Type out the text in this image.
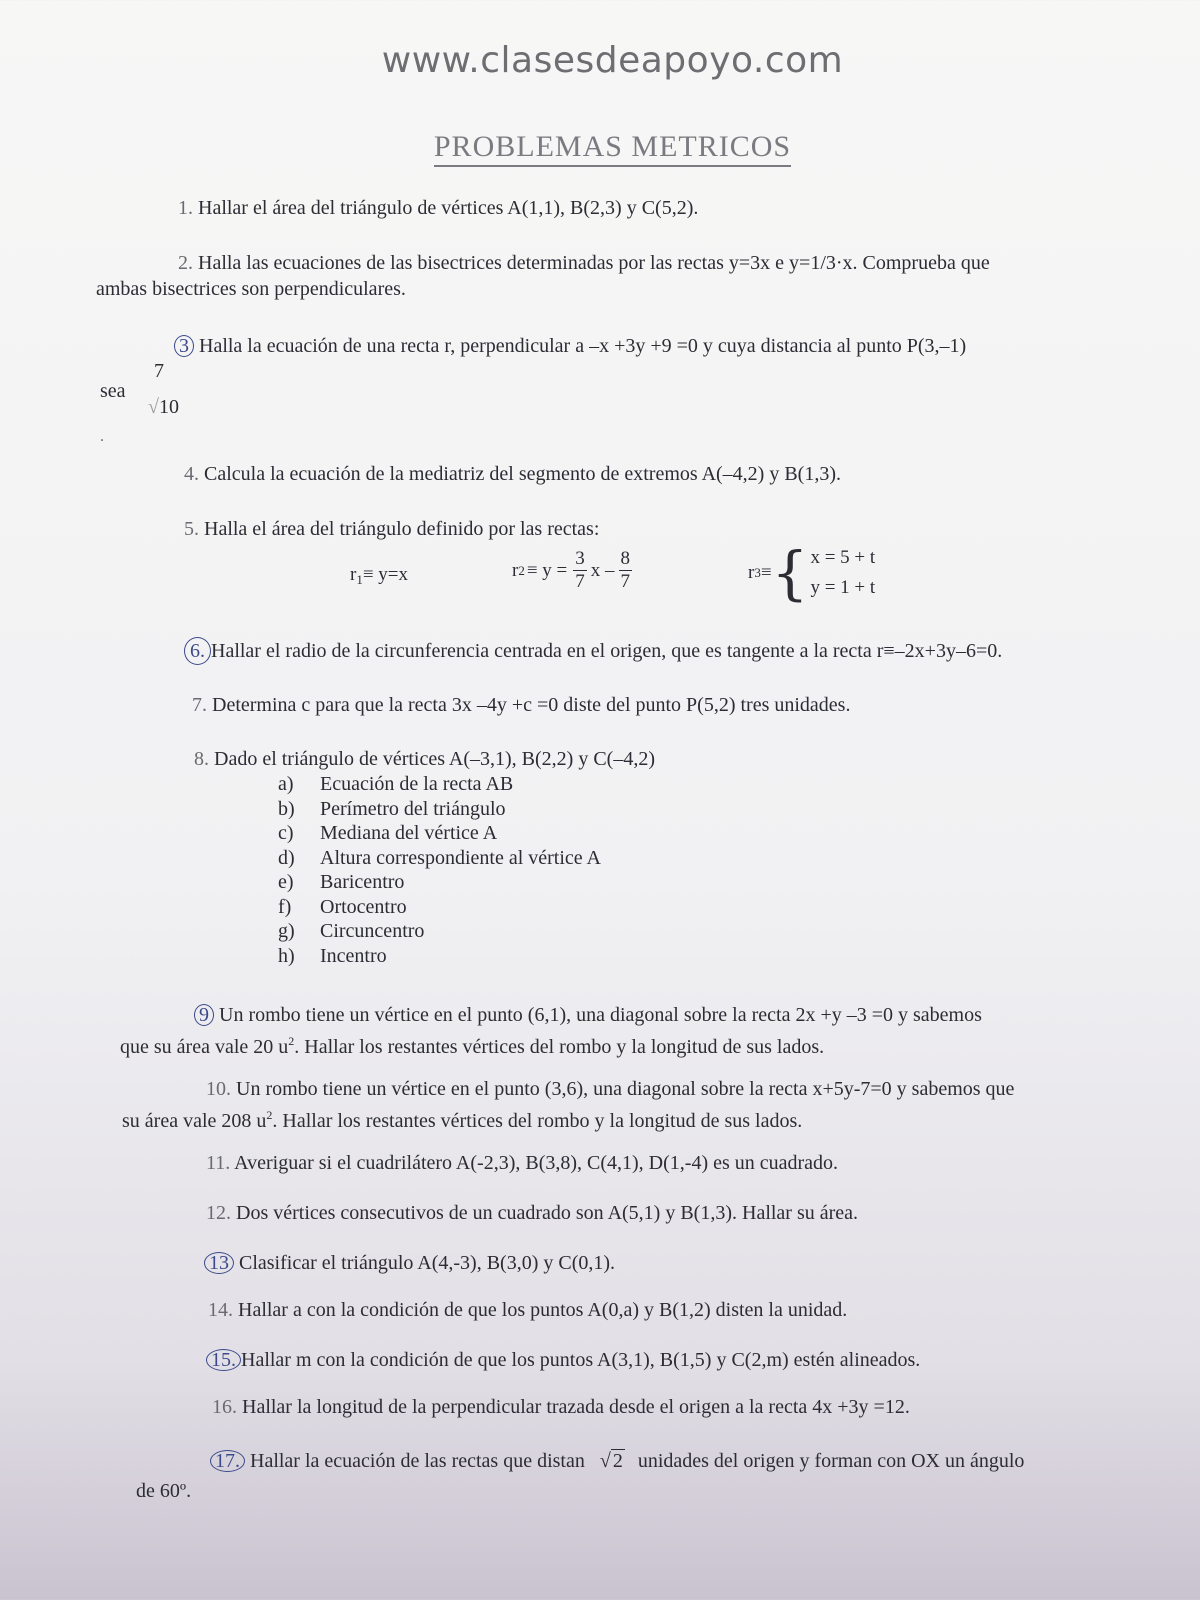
www.clasesdeapoyo.com
PROBLEMAS METRICOS
1. Hallar el área del triángulo de vértices A(1,1), B(2,3) y C(5,2).
2. Halla las ecuaciones de las bisectrices determinadas por las rectas y=3x e y=1/3·x. Comprueba que
ambas bisectrices son perpendiculares.
3 Halla la ecuación de una recta r, perpendicular a –x +3y +9 =0 y cuya distancia al punto P(3,–1)
sea
7
√10
.
4. Calcula la ecuación de la mediatriz del segmento de extremos A(–4,2) y B(1,3).
5. Halla el área del triángulo definido por las rectas:
$r_1\equiv y=x$	r $2 \equiv y = \frac{3}{7}$ x – $\frac{8}{7}$	r 3 ≡ { x = 5 + t
y = 1 + t
6. Hallar el radio de la circunferencia centrada en el origen, que es tangente a la recta r≡–2x+3y–6=0.
7. Determina c para que la recta 3x –4y +c =0 diste del punto P(5,2) tres unidades.
8. Dado el triángulo de vértices A(–3,1), B(2,2) y C(–4,2)
a) Ecuación de la recta AB
b) Perímetro del triángulo
c) Mediana del vértice A
d) Altura correspondiente al vértice A
e) Baricentro
f) Ortocentro
g) Circuncentro
h) Incentro
9 Un rombo tiene un vértice en el punto (6,1), una diagonal sobre la recta 2x +y –3 =0 y sabemos
que su área vale 20 $u^2$. Hallar los restantes vértices del rombo y la longitud de sus lados.
10. Un rombo tiene un vértice en el punto (3,6), una diagonal sobre la recta x+5y-7=0 y sabemos que
su área vale 208 $u^2$. Hallar los restantes vértices del rombo y la longitud de sus lados.
11. Averiguar si el cuadrilátero A(-2,3), B(3,8), C(4,1), D(1,-4) es un cuadrado.
12. Dos vértices consecutivos de un cuadrado son A(5,1) y B(1,3). Hallar su área.
13 Clasificar el triángulo A(4,-3), B(3,0) y C(0,1).
14. Hallar a con la condición de que los puntos A(0,a) y B(1,2) disten la unidad.
15. Hallar m con la condición de que los puntos A(3,1), B(1,5) y C(2,m) estén alineados.
16. Hallar la longitud de la perpendicular trazada desde el origen a la recta 4x +3y =12.
17. Hallar la ecuación de las rectas que distan √ 2 unidades del origen y forman con OX un ángulo
de 60º.
